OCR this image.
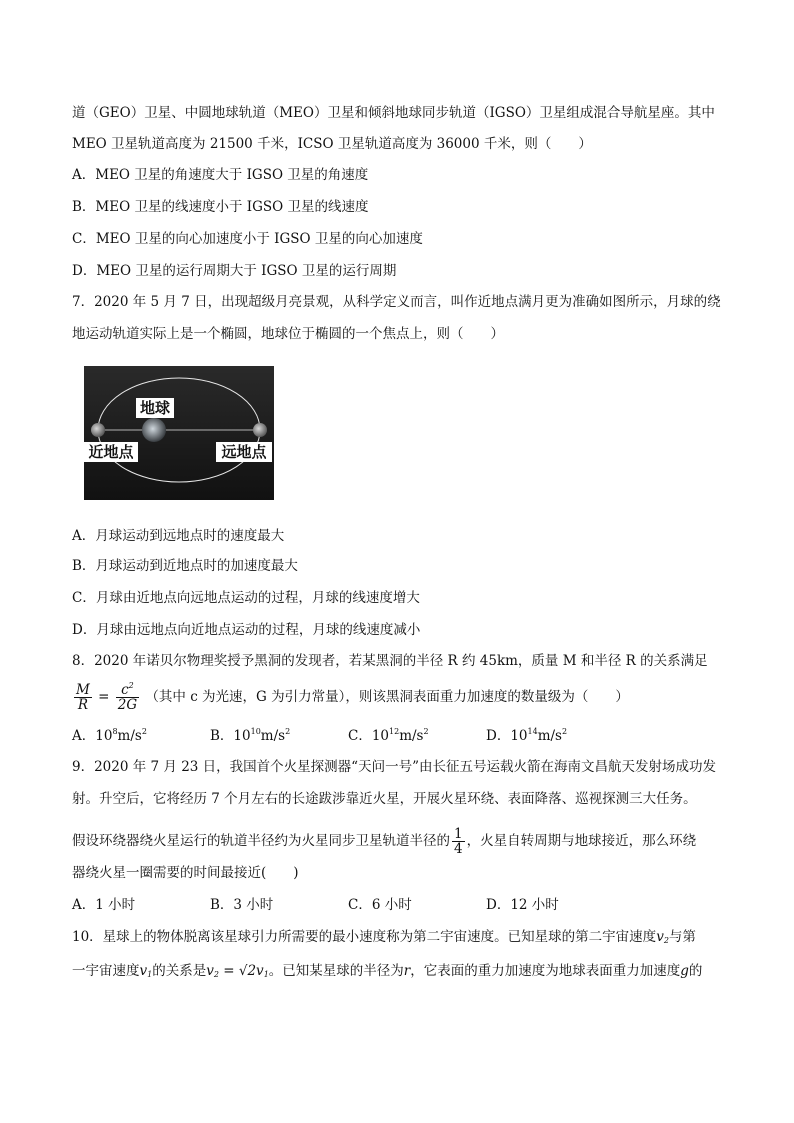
道（GEO）卫星、中圆地球轨道（MEO）卫星和倾斜地球同步轨道（IGSO）卫星组成混合导航星座。其中
MEO 卫星轨道高度为 21500 千米，ICSO 卫星轨道高度为 36000 千米，则（　　）
A．MEO 卫星的角速度大于 IGSO 卫星的角速度
B．MEO 卫星的线速度小于 IGSO 卫星的线速度
C．MEO 卫星的向心加速度小于 IGSO 卫星的向心加速度
D．MEO 卫星的运行周期大于 IGSO 卫星的运行周期
7．2020 年 5 月 7 日，出现超级月亮景观，从科学定义而言，叫作近地点满月更为准确如图所示，月球的绕
地运动轨道实际上是一个椭圆，地球位于椭圆的一个焦点上，则（　　）
地球
近地点	远地点
A．月球运动到远地点时的速度最大
B．月球运动到近地点时的加速度最大
C．月球由近地点向远地点运动的过程，月球的线速度增大
D．月球由远地点向近地点运动的过程，月球的线速度减小
8．2020 年诺贝尔物理奖授予黑洞的发现者，若某黑洞的半径 R 约 45km，质量 M 和半径 R 的关系满足
$\frac{M}{R} = \frac{c^2}{2G}$ （其中 c 为光速，G 为引力常量），则该黑洞表面重力加速度的数量级为（　　）
A．$10^8m/s^2$	B．$10^{10}m/s^2$	C．$10^{12}m/s^2$	D．$10^{14}m/s^2$
9．2020 年 7 月 23 日，我国首个火星探测器“天问一号”由长征五号运载火箭在海南文昌航天发射场成功发
射。升空后，它将经历 7 个月左右的长途跋涉靠近火星，开展火星环绕、表面降落、巡视探测三大任务。
假设环绕器绕火星运行的轨道半径约为火星同步卫星轨道半径的 $\frac{1}{4}$ ，火星自转周期与地球接近，那么环绕
器绕火星一圈需要的时间最接近(　　)
A．1 小时	B．3 小时	C．6 小时	D．12 小时
10．星球上的物体脱离该星球引力所需要的最小速度称为第二宇宙速度。已知星球的第二宇宙速度$v_2$与第
一宇宙速度$v_1$的关系是$v_2 = √2v_1$。已知某星球的半径为r，它表面的重力加速度为地球表面重力加速度g的
